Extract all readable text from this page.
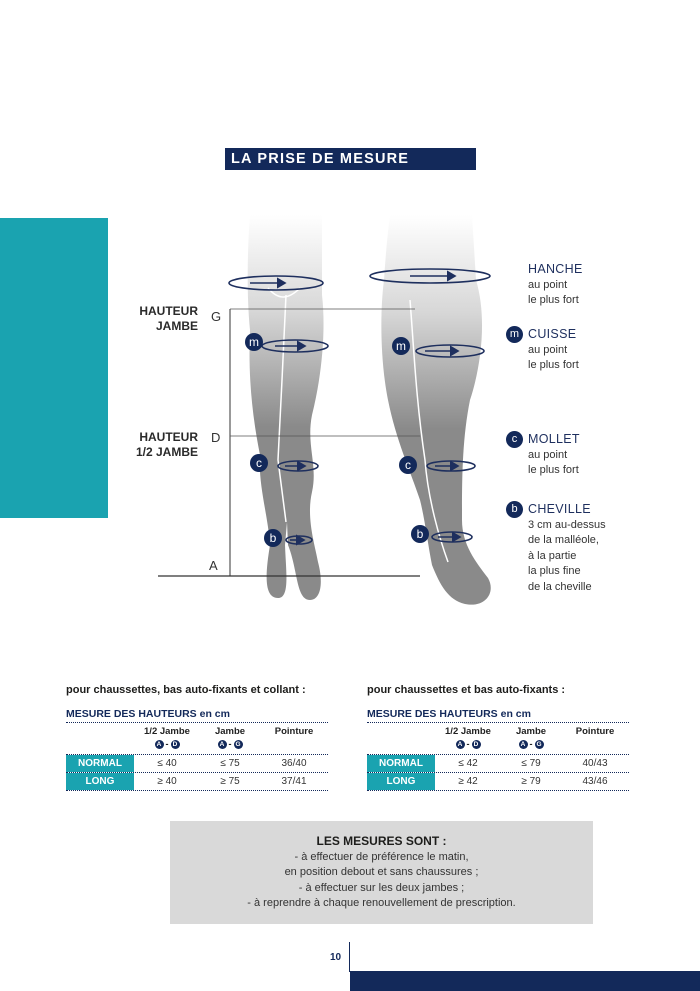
LA PRISE DE MESURE
m	m
c	c
b	b
HAUTEUR
JAMBE
HAUTEUR
1/2 JAMBE
G
D
A
HANCHE
au point
le plus fort
m CUISSE
au point
le plus fort
c MOLLET
au point
le plus fort
b CHEVILLE
3 cm au-dessus
de la malléole,
à la partie
la plus fine
de la cheville
pour chaussettes, bas auto-fixants et collant :
MESURE DES HAUTEURS en cm
1/2 Jambe
A - D
Jambe
A - G
Pointure
NORMAL	≤ 40	≤ 75	36/40
LONG	≥ 40	≥ 75	37/41
pour chaussettes et bas auto-fixants :
MESURE DES HAUTEURS en cm
1/2 Jambe
A - D
Jambe
A - G
Pointure
NORMAL	≤ 42	≤ 79	40/43
LONG	≥ 42	≥ 79	43/46
LES MESURES SONT :
- à effectuer de préférence le matin,
en position debout et sans chaussures ;
- à effectuer sur les deux jambes ;
- à reprendre à chaque renouvellement de prescription.
10
